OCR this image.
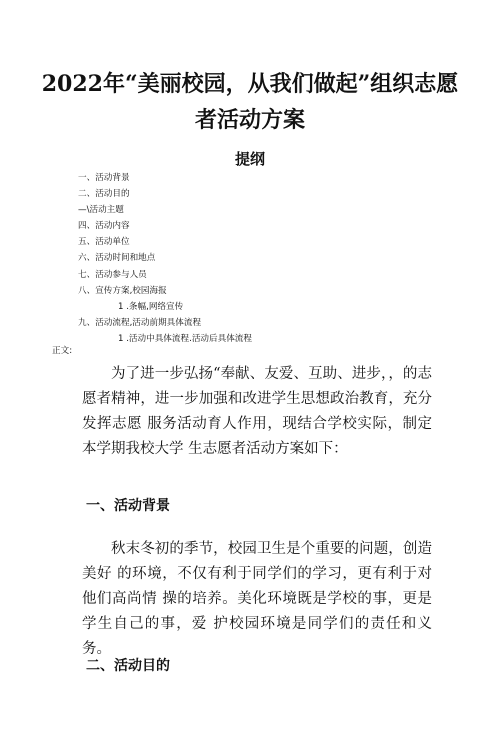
2022年“美丽校园，从我们做起”组织志愿
者活动方案
提纲
一、活动背景
二、活动目的
—\活动主题
四、活动内容
五、活动单位
六、活动时间和地点
七、活动参与人员
八、宣传方案,校园海报
1 .条幅,网络宣传
九、活动流程,活动前期具体流程
1 .活动中具体流程.活动后具体流程
正文:

为了进一步弘扬“奉献、友爱、互助、进步，，的志愿者精神，进一步加强和改进学生思想政治教育，充分发挥志愿 服务活动育人作用，现结合学校实际，制定本学期我校大学 生志愿者活动方案如下：

一、活动背景

秋末冬初的季节，校园卫生是个重要的问题，创造美好 的环境，不仅有利于同学们的学习，更有利于对他们高尚情 操的培养。美化环境既是学校的事，更是学生自己的事，爱 护校园环境是同学们的责任和义务。

二、活动目的
